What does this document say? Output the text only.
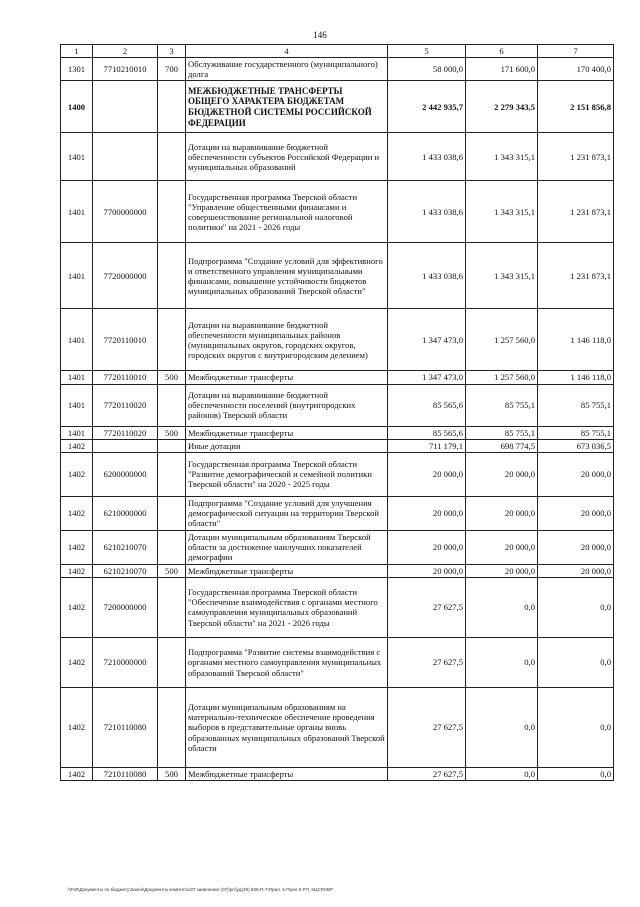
146
1	2	3	4	5	6	7
1301	7710210010	700	Обслуживание государственного (муниципального) долга	58 000,0	171 600,0	170 400,0
1400			МЕЖБЮДЖЕТНЫЕ ТРАНСФЕРТЫ ОБЩЕГО ХАРАКТЕРА БЮДЖЕТАМ БЮДЖЕТНОЙ СИСТЕМЫ РОССИЙСКОЙ ФЕДЕРАЦИИ	2 442 935,7	2 279 343,5	2 151 856,8
1401			Дотации на выравнивание бюджетной обеспеченности субъектов Российской Федерации и муниципальных образований	1 433 038,6	1 343 315,1	1 231 873,1
1401	7700000000		Государственная программа Тверской области "Управление общественными финансами и совершенствование региональной налоговой политики" на 2021 - 2026 годы	1 433 038,6	1 343 315,1	1 231 873,1
1401	7720000000		Подпрограмма "Создание условий для эффективного и ответственного управления муниципальными финансами, повышение устойчивости бюджетов муниципальных образований Тверской области"	1 433 038,6	1 343 315,1	1 231 873,1
1401	7720110010		Дотации на выравнивание бюджетной обеспеченности муниципальных районов (муниципальных округов, городских округов, городских округов с внутригородским делением)	1 347 473,0	1 257 560,0	1 146 118,0
1401	7720110010	500	Межбюджетные трансферты	1 347 473,0	1 257 560,0	1 146 118,0
1401	7720110020		Дотации на выравнивание бюджетной обеспеченности поселений (внутригородских районов) Тверской области	85 565,6	85 755,1	85 755,1
1401	7720110020	500	Межбюджетные трансферты	85 565,6	85 755,1	85 755,1
1402			Иные дотации	711 179,1	698 774,5	673 036,5
1402	6200000000		Государственная программа Тверской области "Развитие демографической и семейной политики Тверской области" на 2020 - 2025 годы	20 000,0	20 000,0	20 000,0
1402	6210000000		Подпрограмма "Создание условий для улучшения демографической ситуации на территории Тверской области"	20 000,0	20 000,0	20 000,0
1402	6210210070		Дотации муниципальным образованиям Тверской области за достижение наилучших показателей демографии	20 000,0	20 000,0	20 000,0
1402	6210210070	500	Межбюджетные трансферты	20 000,0	20 000,0	20 000,0
1402	7200000000		Государственная программа Тверской области "Обеспечение взаимодействия с органами местного самоуправления муниципальных образований Тверской области" на 2021 - 2026 годы	27 627,5	0,0	0,0
1402	7210000000		Подпрограмма "Развитие системы взаимодействия с органами местного самоуправления муниципальных образований Тверской области"	27 627,5	0,0	0,0
1402	7210110080		Дотации муниципальным образованиям на материально-техническое обеспечение проведения выборов в представительные органы вновь образованных муниципальных образований Тверской области	27 627,5	0,0	0,0
1402	7210110080	500	Межбюджетные трансферты	27 627,5	0,0	0,0
\\Fs0\Документы по бюджету\Закон\Документы комитета\ЗТ заявление (07)\ргбуд(28) 508-П-7\Прил. 5 Прил 8 РП, КЦСР,КВР
